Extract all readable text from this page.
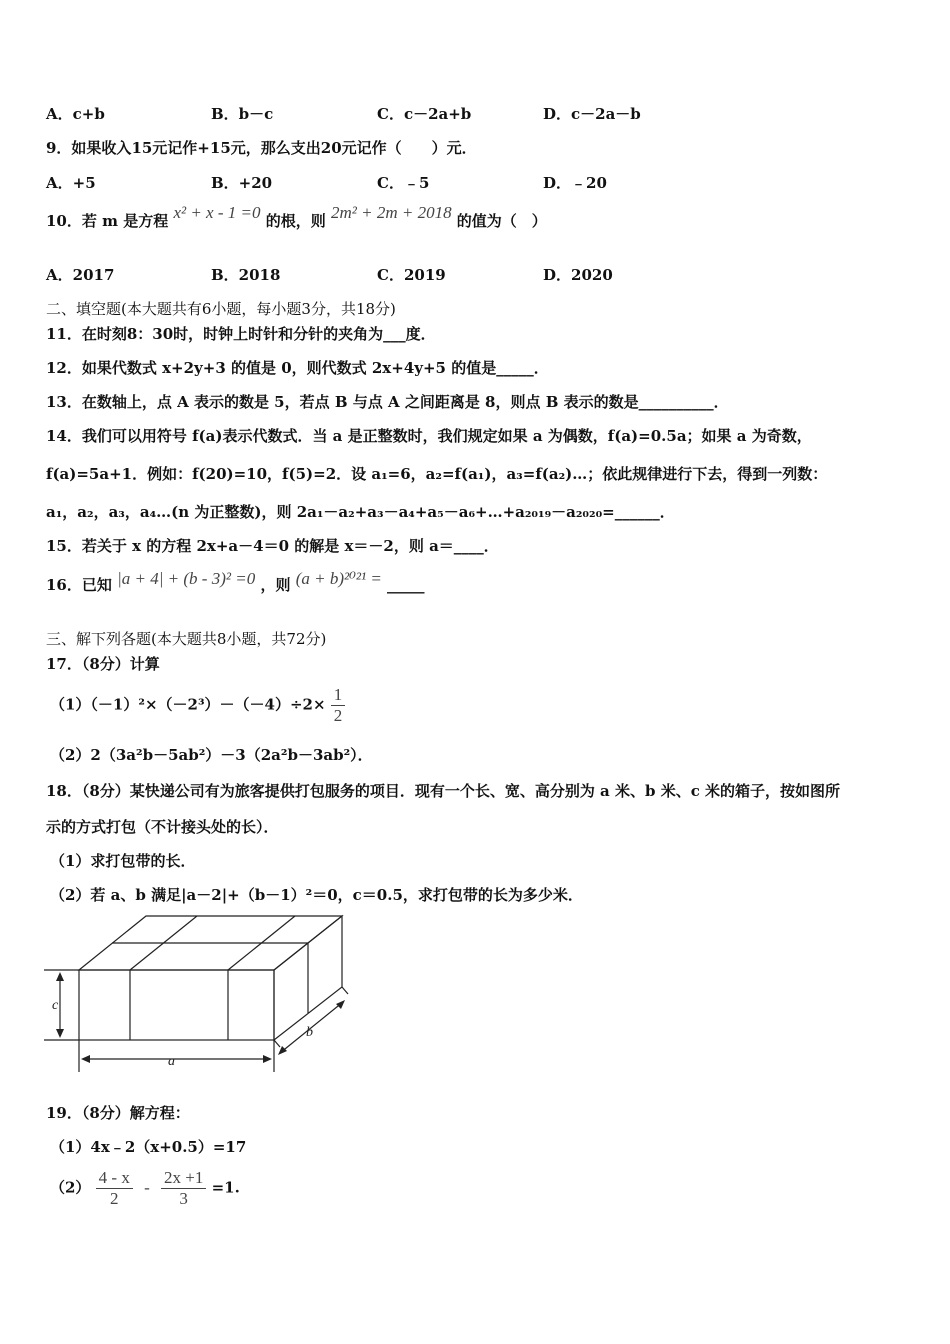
A．c+b	B．b－c	C．c－2a+b	D．c－2a－b
9．如果收入15元记作+15元，那么支出20元记作（　　）元．
A．+5	B．+20	C．﹣5	D．﹣20
10．若 m 是方程 x² + x - 1 =0 的根，则 2m² + 2m + 2018 的值为（　）
A．2017	B．2018	C．2019	D．2020
二、填空题(本大题共有6小题，每小题3分，共18分)
11．在时刻8：30时，时钟上时针和分针的夹角为___度．
12．如果代数式 x+2y+3 的值是 0，则代数式 2x+4y+5 的值是_____．
13．在数轴上，点 A 表示的数是 5，若点 B 与点 A 之间距离是 8，则点 B 表示的数是__________．
14．我们可以用符号 f(a)表示代数式．当 a 是正整数时，我们规定如果 a 为偶数，f(a)=0.5a；如果 a 为奇数，
f(a)=5a+1．例如：f(20)=10，f(5)=2．设 a₁=6，a₂=f(a₁)，a₃=f(a₂)…；依此规律进行下去，得到一列数：
a₁，a₂，a₃，a₄…(n 为正整数)，则 2a₁－a₂+a₃－a₄+a₅－a₆+…+a₂₀₁₉－a₂₀₂₀=______．
15．若关于 x 的方程 2x+a－4＝0 的解是 x＝－2，则 a＝____．
16．已知 |a + 4| + (b - 3)² =0 ，则 (a + b)²⁰²¹ = _____
三、解下列各题(本大题共8小题，共72分)
17．（8分）计算
$(1)(-1)^2\times(-2^3)-(-4)\div 2\times \frac{1}{2}$
（2）2（3a²b－5ab²）－3（2a²b－3ab²）．
18．（8分）某快递公司有为旅客提供打包服务的项目．现有一个长、宽、高分别为 a 米、b 米、c 米的箱子，按如图所
示的方式打包（不计接头处的长）．
（1）求打包带的长．
（2）若 a、b 满足|a－2|+（b－1）²＝0，c＝0.5，求打包带的长为多少米．
c
a
b
19．（8分）解方程：
（1）4x﹣2（x+0.5）=17
$(2) \frac{4 - x}{2} - \frac{2x +1}{3} =1$.
